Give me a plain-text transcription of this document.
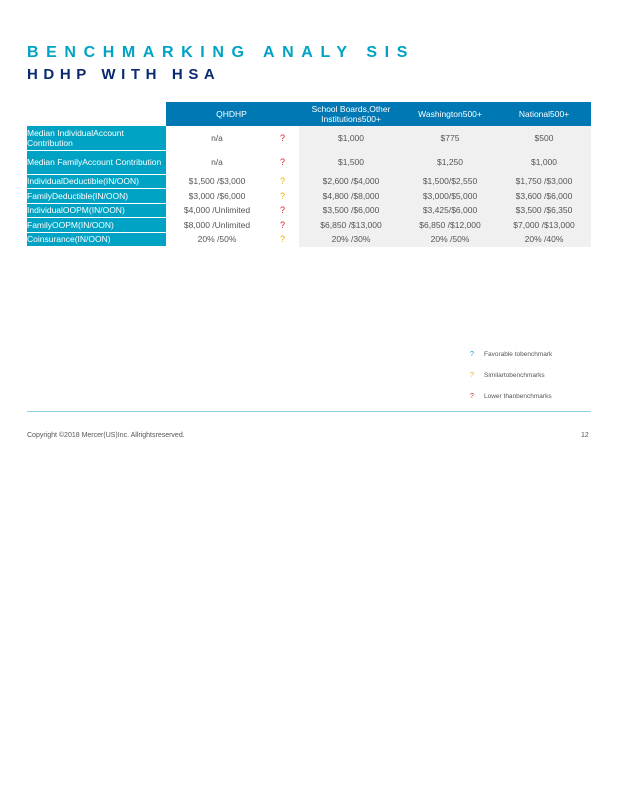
BENCHMARKING ANALY SIS
HDHP WITH HSA
	QHDHP			School Boards,Other Institutions500+	Washington500+	National500+
Median IndividualAccount Contribution	n/a	?		$1,000	$775	$500
Median FamilyAccount Contribution	n/a	?		$1,500	$1,250	$1,000
IndividualDeductible(IN/OON)	$1,500 /$3,000	?		$2,600 /$4,000	$1,500/$2,550	$1,750 /$3,000
FamilyDeductible(IN/OON)	$3,000 /$6,000	?		$4,800 /$8,000	$3,000/$5,000	$3,600 /$6,000
IndividualOOPM(IN/OON)	$4,000 /Unlimited	?		$3,500 /$6,000	$3,425/$6,000	$3,500 /$6,350
FamilyOOPM(IN/OON)	$8,000 /Unlimited	?		$6,850 /$13,000	$6,850 /$12,000	$7,000 /$13,000
Coinsurance(IN/OON)	20% /50%	?		20% /30%	20% /50%	20% /40%
? Favorable tobenchmark
? Similartobenchmarks
? Lower thanbenchmarks
Copyright ©2018 Mercer(US)Inc. Allrightsreserved.	12
